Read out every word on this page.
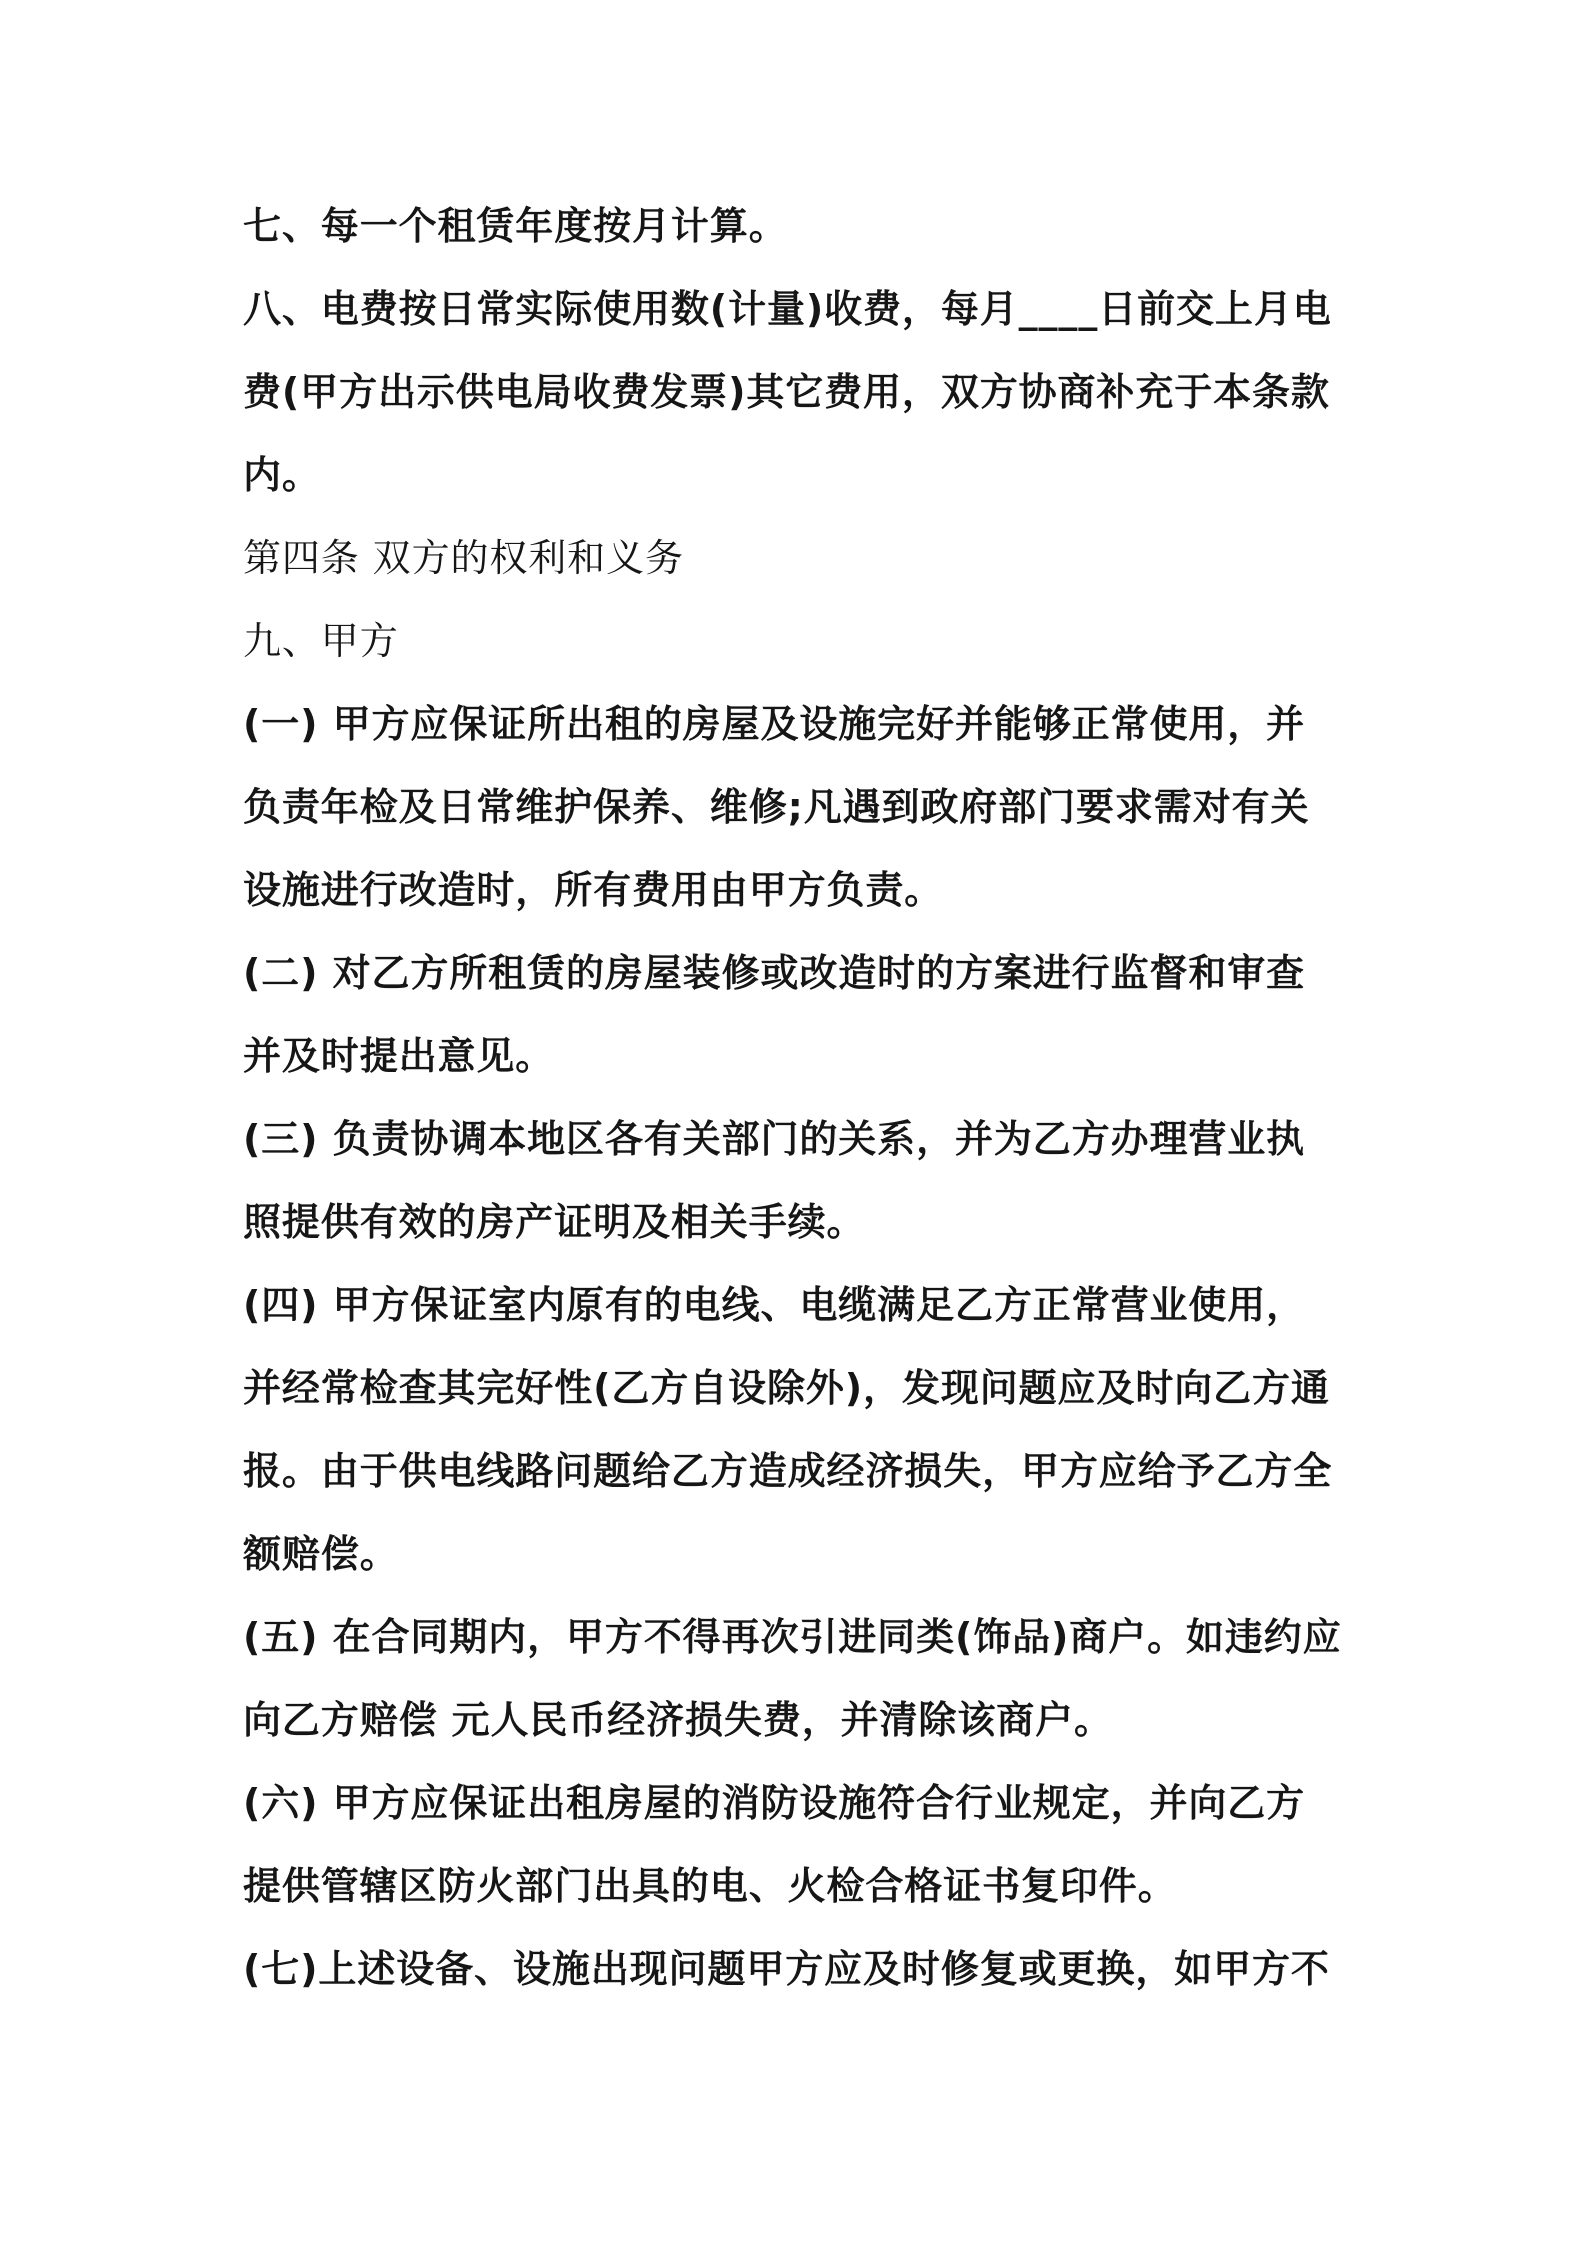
七、每一个租赁年度按月计算。
八、电费按日常实际使用数(计量)收费，每月____日前交上月电
费(甲方出示供电局收费发票)其它费用，双方协商补充于本条款
内。
第四条 双方的权利和义务
九、甲方
(一) 甲方应保证所出租的房屋及设施完好并能够正常使用，并
负责年检及日常维护保养、维修;凡遇到政府部门要求需对有关
设施进行改造时，所有费用由甲方负责。
(二) 对乙方所租赁的房屋装修或改造时的方案进行监督和审查
并及时提出意见。
(三) 负责协调本地区各有关部门的关系，并为乙方办理营业执
照提供有效的房产证明及相关手续。
(四) 甲方保证室内原有的电线、电缆满足乙方正常营业使用，
并经常检查其完好性(乙方自设除外)，发现问题应及时向乙方通
报。由于供电线路问题给乙方造成经济损失，甲方应给予乙方全
额赔偿。
(五) 在合同期内，甲方不得再次引进同类(饰品)商户。如违约应
向乙方赔偿 元人民币经济损失费，并清除该商户。
(六) 甲方应保证出租房屋的消防设施符合行业规定，并向乙方
提供管辖区防火部门出具的电、火检合格证书复印件。
(七)上述设备、设施出现问题甲方应及时修复或更换，如甲方不
